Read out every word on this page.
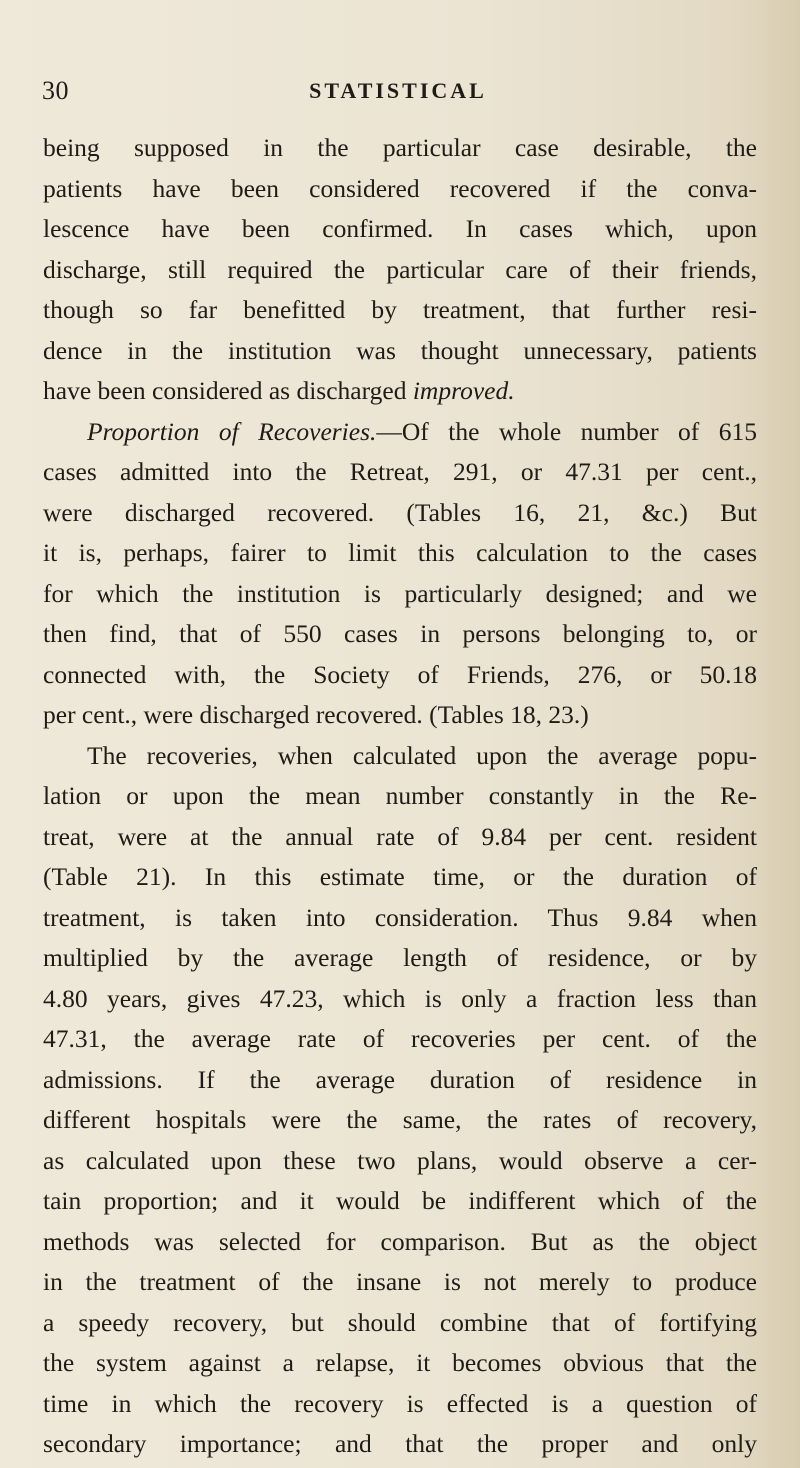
30	STATISTICAL
being supposed in the particular case desirable, the
patients have been considered recovered if the conva-
lescence have been confirmed. In cases which, upon
discharge, still required the particular care of their friends,
though so far benefitted by treatment, that further resi-
dence in the institution was thought unnecessary, patients
have been considered as discharged improved.
Proportion of Recoveries.—Of the whole number of 615
cases admitted into the Retreat, 291, or 47.31 per cent.,
were discharged recovered. (Tables 16, 21, &c.) But
it is, perhaps, fairer to limit this calculation to the cases
for which the institution is particularly designed; and we
then find, that of 550 cases in persons belonging to, or
connected with, the Society of Friends, 276, or 50.18
per cent., were discharged recovered. (Tables 18, 23.)
The recoveries, when calculated upon the average popu-
lation or upon the mean number constantly in the Re-
treat, were at the annual rate of 9.84 per cent. resident
(Table 21). In this estimate time, or the duration of
treatment, is taken into consideration. Thus 9.84 when
multiplied by the average length of residence, or by
4.80 years, gives 47.23, which is only a fraction less than
47.31, the average rate of recoveries per cent. of the
admissions. If the average duration of residence in
different hospitals were the same, the rates of recovery,
as calculated upon these two plans, would observe a cer-
tain proportion; and it would be indifferent which of the
methods was selected for comparison. But as the object
in the treatment of the insane is not merely to produce
a speedy recovery, but should combine that of fortifying
the system against a relapse, it becomes obvious that the
time in which the recovery is effected is a question of
secondary importance; and that the proper and only
